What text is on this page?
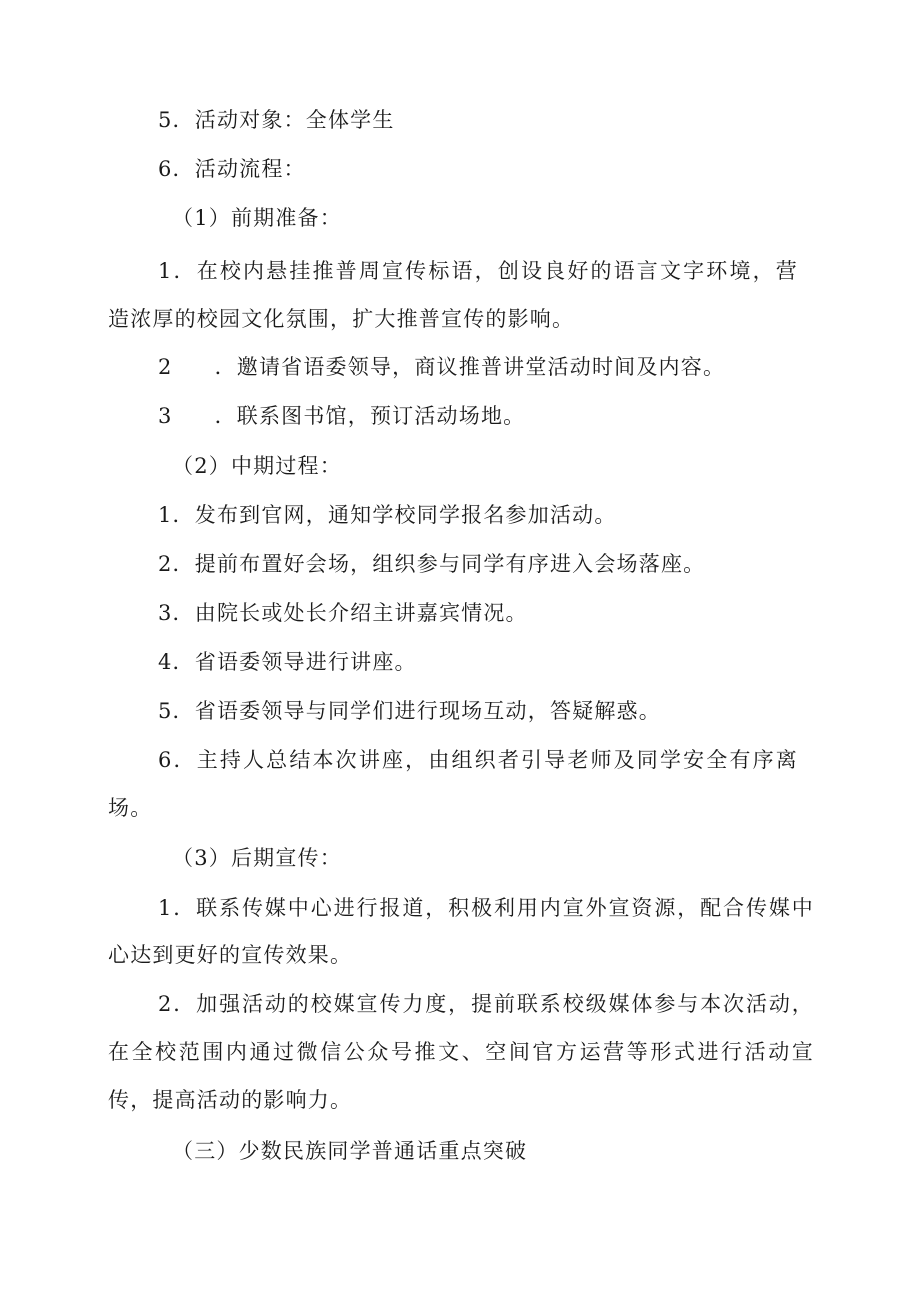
5．活动对象：全体学生
6．活动流程：
（1）前期准备：
1．在校内悬挂推普周宣传标语，创设良好的语言文字环境，营
造浓厚的校园文化氛围，扩大推普宣传的影响。
2 ．邀请省语委领导，商议推普讲堂活动时间及内容。
3 ．联系图书馆，预订活动场地。
（2）中期过程：
1．发布到官网，通知学校同学报名参加活动。
2．提前布置好会场，组织参与同学有序进入会场落座。
3．由院长或处长介绍主讲嘉宾情况。
4．省语委领导进行讲座。
5．省语委领导与同学们进行现场互动，答疑解惑。
6．主持人总结本次讲座，由组织者引导老师及同学安全有序离
场。
（3）后期宣传：
1．联系传媒中心进行报道，积极利用内宣外宣资源，配合传媒中
心达到更好的宣传效果。
2．加强活动的校媒宣传力度，提前联系校级媒体参与本次活动，
在全校范围内通过微信公众号推文、空间官方运营等形式进行活动宣
传，提高活动的影响力。
（三）少数民族同学普通话重点突破
